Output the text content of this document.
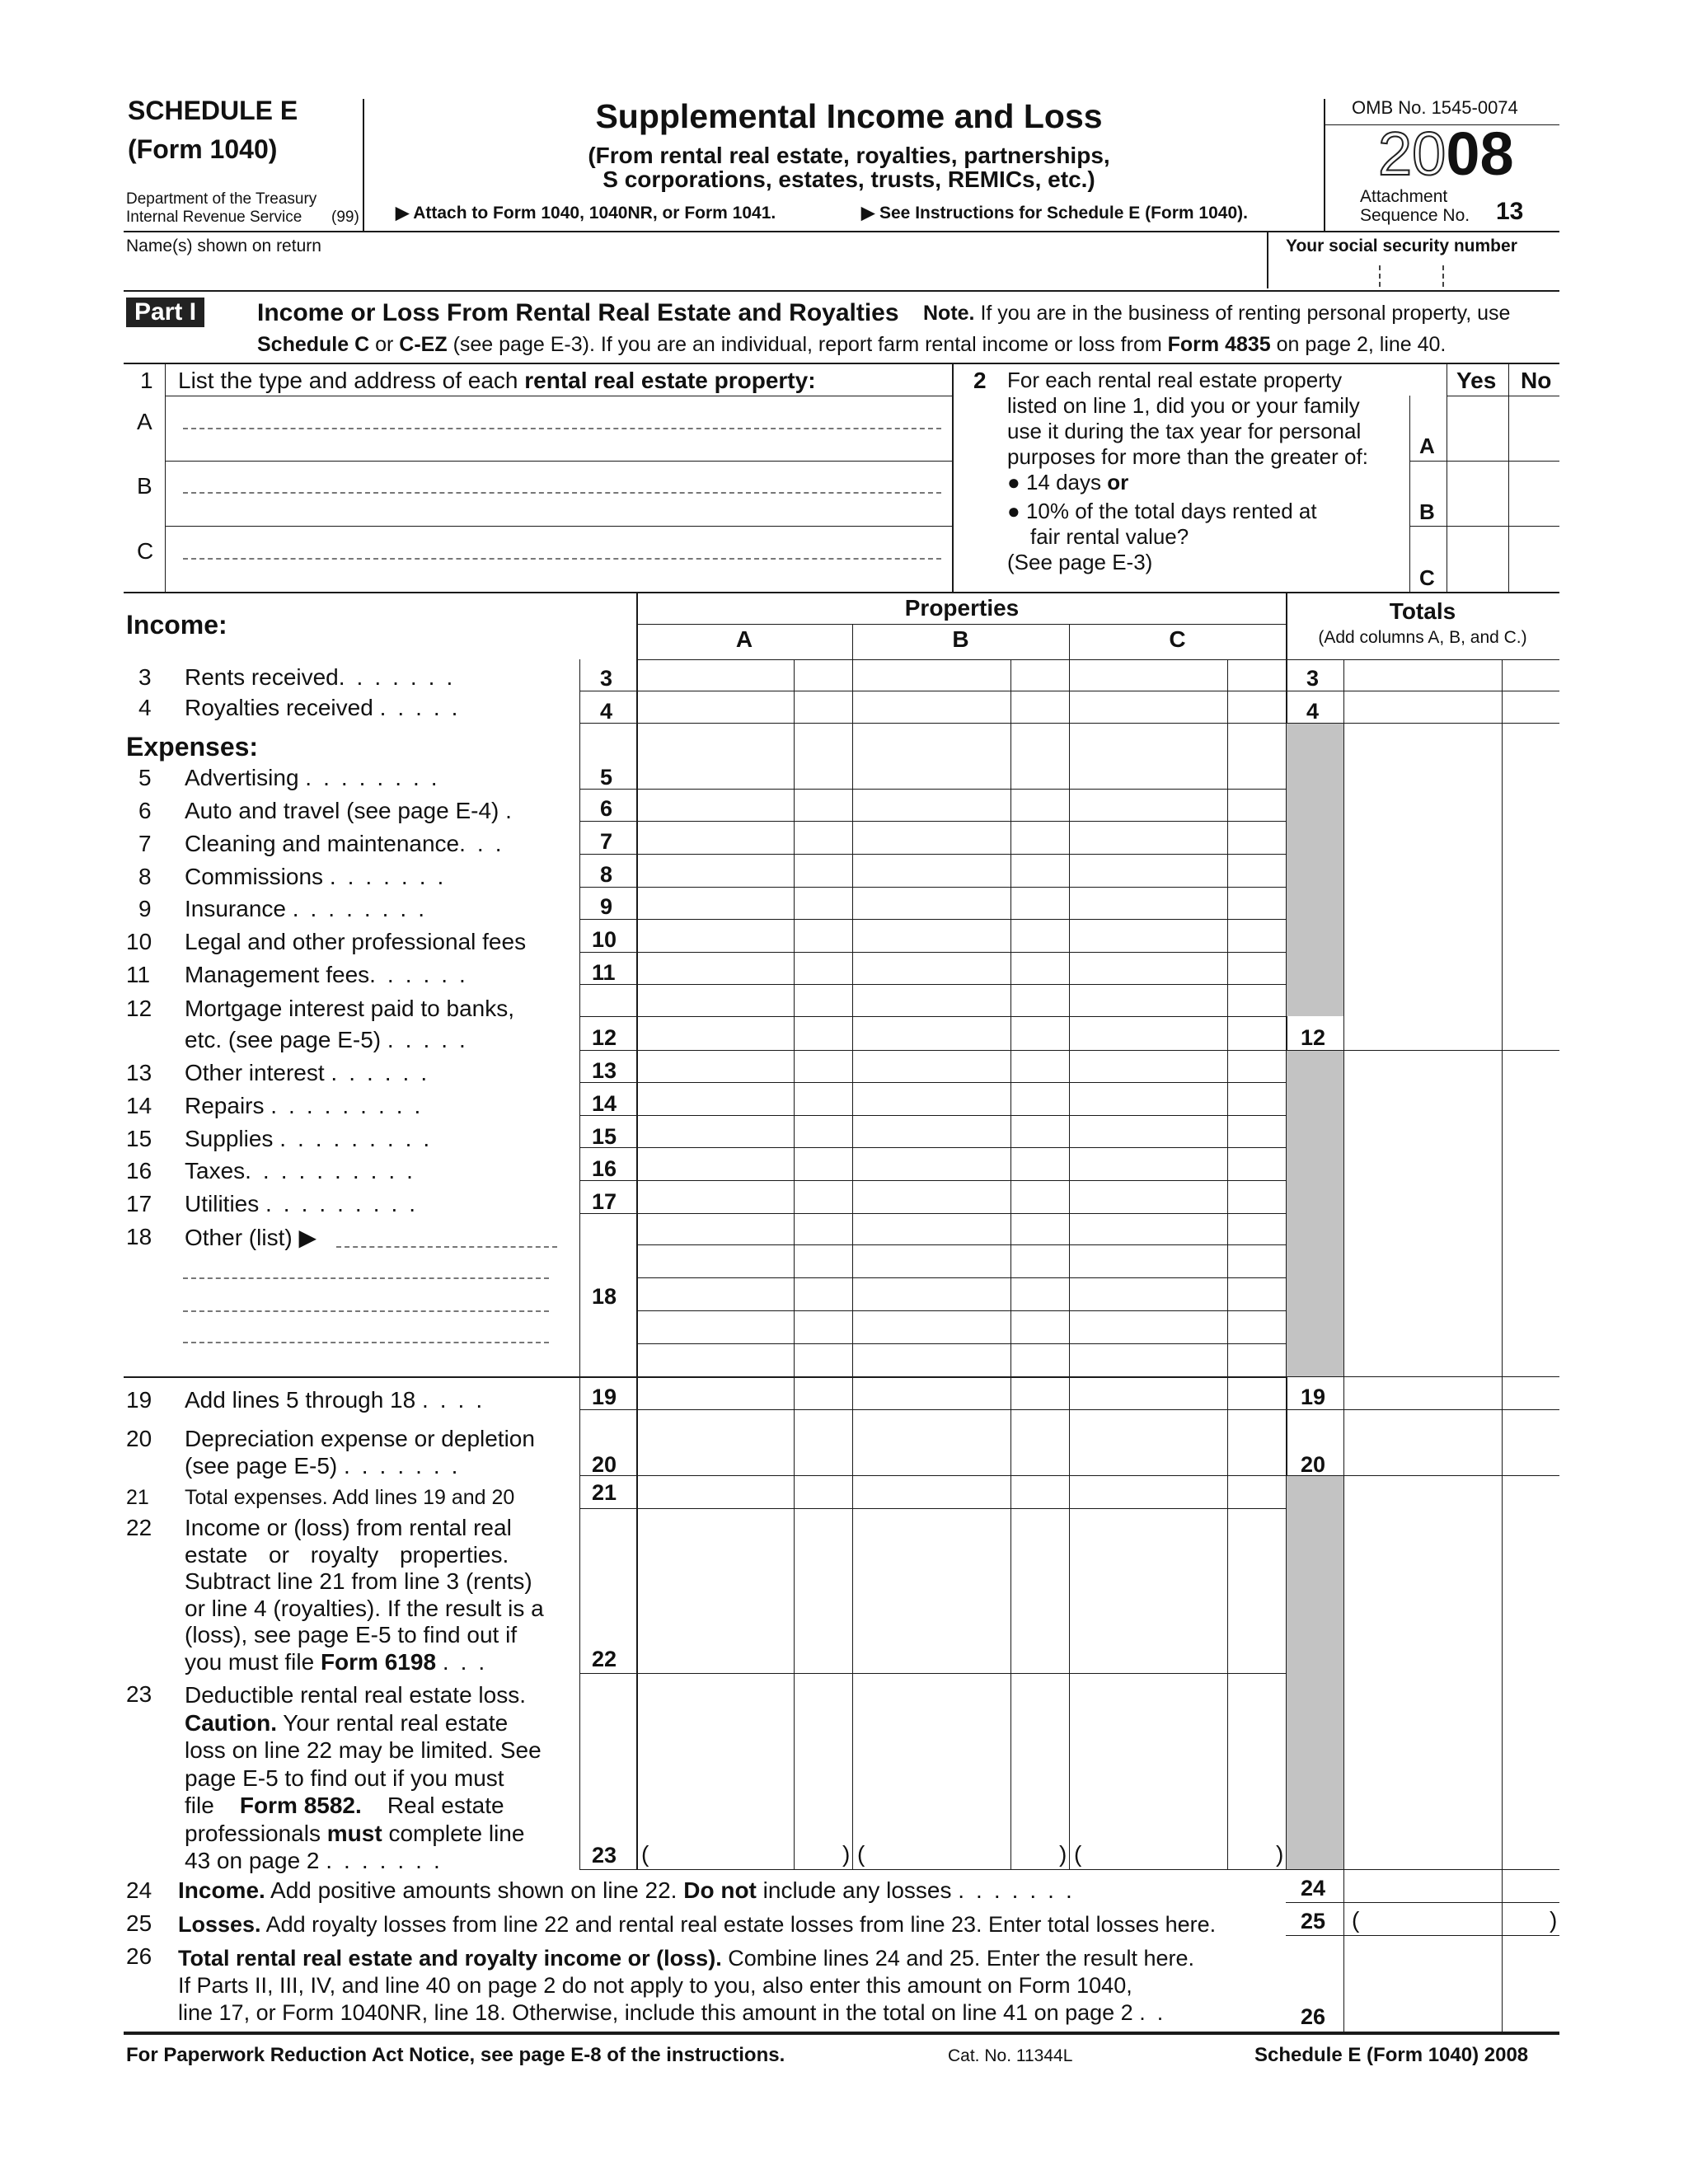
SCHEDULE E
(Form 1040)
Department of the Treasury
Internal Revenue Service (99)
Supplemental Income and Loss
(From rental real estate, royalties, partnerships,
S corporations, estates, trusts, REMICs, etc.)
▶ Attach to Form 1040, 1040NR, or Form 1041.	▶ See Instructions for Schedule E (Form 1040).
OMB No. 1545-0074
2008
Attachment
Sequence No. 13
Name(s) shown on return	Your social security number
Part I	Income or Loss From Rental Real Estate and Royalties Note. If you are in the business of renting personal property, use
Schedule C or C-EZ (see page E-3). If you are an individual, report farm rental income or loss from Form 4835 on page 2, line 40.
1 List the type and address of each rental real estate property:
A
B
C
2 For each rental real estate property
listed on line 1, did you or your family
use it during the tax year for personal
purposes for more than the greater of:
● 14 days or
● 10% of the total days rented at
fair rental value?
(See page E-3)
Yes No
A
B
C
Income:
Properties
A	B	C
Totals
(Add columns A, B, and C.)
3 Rents received.......	3	3
4 Royalties received .....	4	4
Expenses:
5 Advertising ........	5
6 Auto and travel (see page E-4) .	6
7 Cleaning and maintenance...	7
8 Commissions .......	8
9 Insurance ........	9
10 Legal and other professional fees	10
11 Management fees......	11
12 Mortgage interest paid to banks,
etc. (see page E-5) .....	12	12
13 Other interest ......	13
14 Repairs .........	14
15 Supplies .........	15
16 Taxes..........	16
17 Utilities .........	17
18 Other (list) ▶
18
19 Add lines 5 through 18 ....	19	19
20 Depreciation expense or depletion
(see page E-5) .......	20	20
21 Total expenses. Add lines 19 and 20	21
22 Income or (loss) from rental real
estate or royalty properties.
Subtract line 21 from line 3 (rents)
or line 4 (royalties). If the result is a
(loss), see page E-5 to find out if
you must file Form 6198 ...	22
23 Deductible rental real estate loss.
Caution. Your rental real estate
loss on line 22 may be limited. See
page E-5 to find out if you must
file Form 8582. Real estate
professionals must complete line
43 on page 2 .......	23 (	) (	) (	)
24 Income. Add positive amounts shown on line 22. Do not include any losses .......	24
25 Losses. Add royalty losses from line 22 and rental real estate losses from line 23. Enter total losses here.	25 (	)
26 Total rental real estate and royalty income or (loss). Combine lines 24 and 25. Enter the result here.
If Parts II, III, IV, and line 40 on page 2 do not apply to you, also enter this amount on Form 1040,
line 17, or Form 1040NR, line 18. Otherwise, include this amount in the total on line 41 on page 2 ..	26
For Paperwork Reduction Act Notice, see page E-8 of the instructions.	Cat. No. 11344L	Schedule E (Form 1040) 2008
